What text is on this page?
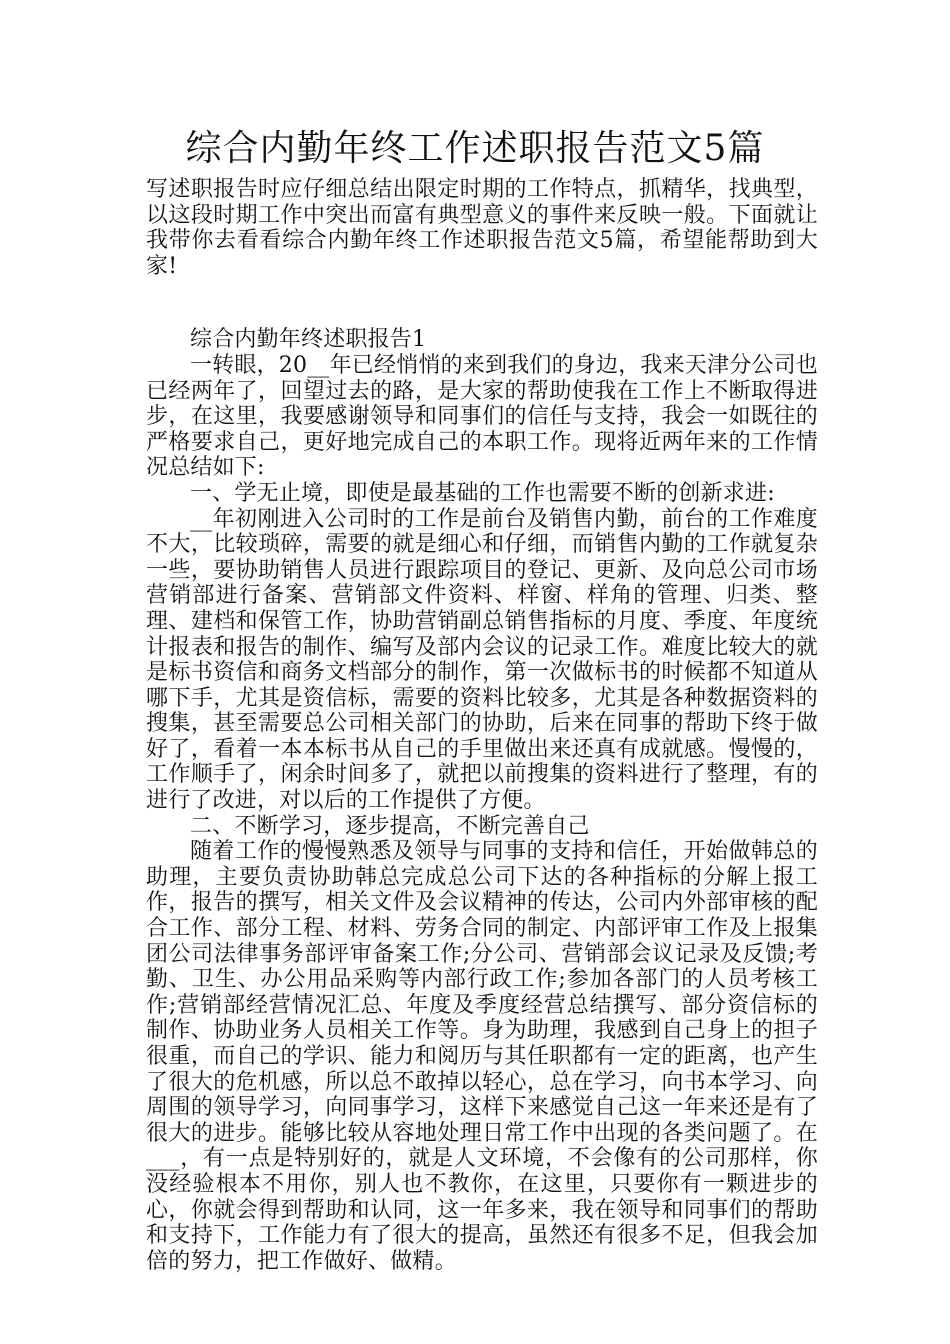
综合内勤年终工作述职报告范文5篇

写述职报告时应仔细总结出限定时期的工作特点，抓精华，找典型，以这段时期工作中突出而富有典型意义的事件来反映一般。下面就让我带你去看看综合内勤年终工作述职报告范文5篇，希望能帮助到大家!

综合内勤年终述职报告1

一转眼，20__年已经悄悄的来到我们的身边，我来天津分公司也已经两年了，回望过去的路，是大家的帮助使我在工作上不断取得进步，在这里，我要感谢领导和同事们的信任与支持，我会一如既往的严格要求自己，更好地完成自己的本职工作。现将近两年来的工作情况总结如下:

一、学无止境，即使是最基础的工作也需要不断的创新求进:

__年初刚进入公司时的工作是前台及销售内勤，前台的工作难度不大，比较琐碎，需要的就是细心和仔细，而销售内勤的工作就复杂一些，要协助销售人员进行跟踪项目的登记、更新、及向总公司市场营销部进行备案、营销部文件资料、样窗、样角的管理、归类、整理、建档和保管工作，协助营销副总销售指标的月度、季度、年度统计报表和报告的制作、编写及部内会议的记录工作。难度比较大的就是标书资信和商务文档部分的制作，第一次做标书的时候都不知道从哪下手，尤其是资信标，需要的资料比较多，尤其是各种数据资料的搜集，甚至需要总公司相关部门的协助，后来在同事的帮助下终于做好了，看着一本本标书从自己的手里做出来还真有成就感。慢慢的，工作顺手了，闲余时间多了，就把以前搜集的资料进行了整理，有的进行了改进，对以后的工作提供了方便。

二、不断学习，逐步提高，不断完善自己

随着工作的慢慢熟悉及领导与同事的支持和信任，开始做韩总的助理，主要负责协助韩总完成总公司下达的各种指标的分解上报工作，报告的撰写，相关文件及会议精神的传达，公司内外部审核的配合工作、部分工程、材料、劳务合同的制定、内部评审工作及上报集团公司法律事务部评审备案工作;分公司、营销部会议记录及反馈;考勤、卫生、办公用品采购等内部行政工作;参加各部门的人员考核工作;营销部经营情况汇总、年度及季度经营总结撰写、部分资信标的制作、协助业务人员相关工作等。身为助理，我感到自己身上的担子很重，而自己的学识、能力和阅历与其任职都有一定的距离，也产生了很大的危机感，所以总不敢掉以轻心，总在学习，向书本学习、向周围的领导学习，向同事学习，这样下来感觉自己这一年来还是有了很大的进步。能够比较从容地处理日常工作中出现的各类问题了。在___，有一点是特别好的，就是人文环境，不会像有的公司那样，你没经验根本不用你，别人也不教你，在这里，只要你有一颗进步的心，你就会得到帮助和认同，这一年多来，我在领导和同事们的帮助和支持下，工作能力有了很大的提高，虽然还有很多不足，但我会加倍的努力，把工作做好、做精。
